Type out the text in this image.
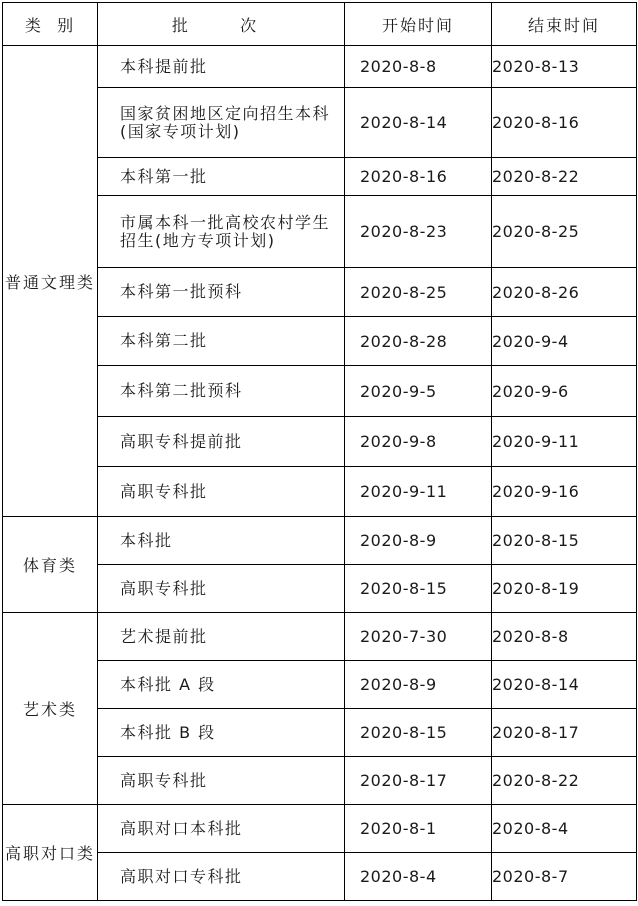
类  别	批  次	开始时间	结束时间
普通文理类	本科提前批	2020-8-8	2020-8-13
	国家贫困地区定向招生本科(国家专项计划)	2020-8-14	2020-8-16
	本科第一批	2020-8-16	2020-8-22
	市属本科一批高校农村学生招生(地方专项计划)	2020-8-23	2020-8-25
	本科第一批预科	2020-8-25	2020-8-26
	本科第二批	2020-8-28	2020-9-4
	本科第二批预科	2020-9-5	2020-9-6
	高职专科提前批	2020-9-8	2020-9-11
	高职专科批	2020-9-11	2020-9-16
体育类	本科批	2020-8-9	2020-8-15
	高职专科批	2020-8-15	2020-8-19
艺术类	艺术提前批	2020-7-30	2020-8-8
	本科批 A 段	2020-8-9	2020-8-14
	本科批 B 段	2020-8-15	2020-8-17
	高职专科批	2020-8-17	2020-8-22
高职对口类	高职对口本科批	2020-8-1	2020-8-4
	高职对口专科批	2020-8-4	2020-8-7
